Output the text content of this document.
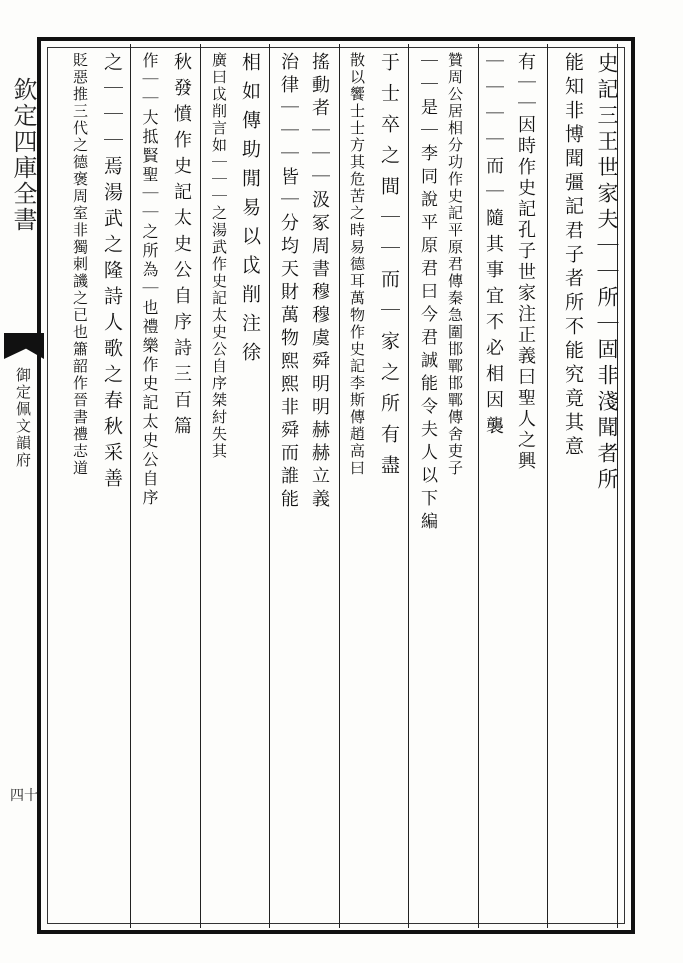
欽定四庫全書
御定佩文韻府
四十
史記三王世家夫｜｜所｜固非淺聞者所
能知非博聞彊記君子者所不能究竟其意
有｜｜因時作史記孔子世家注正義曰聖人之興
｜｜｜｜而｜隨其事宜不必相因襲
贊周公居相分功作史記平原君傳秦急圍邯鄲邯鄲傳舍吏子
｜｜是｜李同說平原君曰今君誠能令夫人以下編
于士卒之間｜｜而｜家之所有盡
散以饗士士方其危苦之時易德耳萬物作史記李斯傳趙高曰
搖動者｜｜｜汲冢周書穆穆虞舜明明赫赫立義
治律｜｜｜皆｜分均天財萬物熙熙非舜而誰能
相如傳助閒易以戉削注徐
廣曰戉削言如｜｜｜之湯武作史記太史公自序桀紂失其
秋發憤作史記太史公自序詩三百篇
作｜｜大抵賢聖｜｜之所為｜也禮樂作史記太史公自序
之｜｜｜焉湯武之隆詩人歌之春秋采善
貶惡推三代之德褒周室非獨刺譏之已也簫韶作晉書禮志道
